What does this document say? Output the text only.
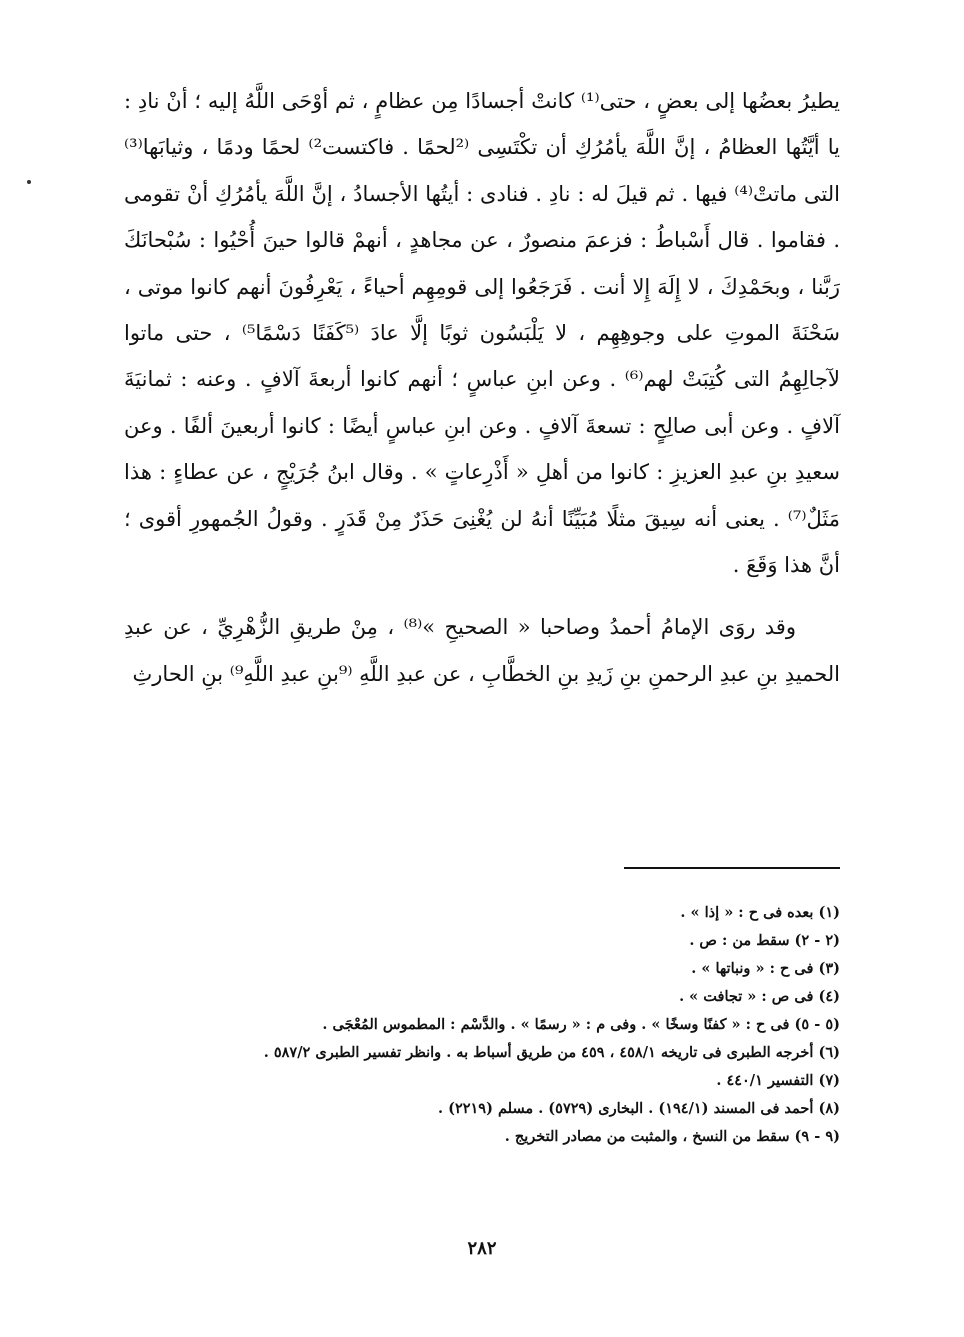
يطيرُ بعضُها إلى بعضٍ ، حتى⁽¹⁾ كانتْ أجسادًا مِن عظامٍ ، ثم أوْحَى اللَّهُ إليه ؛ أنْ نادِ : يا أيَّتُها العظامُ ، إنَّ اللَّهَ يأمُرُكِ أن تكْتَسِى ⁽²لحمًا . فاكتست²⁾ لحمًا ودمًا ، وثيابَها⁽³⁾ التى ماتتْ⁽⁴⁾ فيها . ثم قيلَ له : نادِ . فنادى : أيتُها الأجسادُ ، إنَّ اللَّهَ يأمُرُكِ أنْ تقومى . فقاموا . قال أَسْباطُ : فزعمَ منصورٌ ، عن مجاهدٍ ، أنهمْ قالوا حينَ أُحْيُوا : سُبْحانَكَ رَبَّنا ، وبحَمْدِكَ ، لا إِلَهَ إِلا أنت . فَرَجَعُوا إلى قومِهِم أحياءً ، يَعْرِفُونَ أنهم كانوا موتى ، سَحْنَةَ الموتِ على وجوهِهِم ، لا يَلْبَسُون ثوبًا إلَّا عادَ ⁽⁵كَفَنًا دَسْمًا⁵⁾ ، حتى ماتوا لآجالِهِمُ التى كُتِبَتْ لهم⁽⁶⁾ . وعن ابنِ عباسٍ ؛ أنهم كانوا أربعةَ آلافٍ . وعنه : ثمانيَةَ آلافٍ . وعن أبى صالِحٍ : تسعةَ آلافٍ . وعن ابنِ عباسٍ أيضًا : كانوا أربعينَ ألفًا . وعن سعيدِ بنِ عبدِ العزيزِ : كانوا من أهلِ « أَذْرِعاتٍ » . وقال ابنُ جُرَيْجٍ ، عن عطاءٍ : هذا مَثَلٌ⁽⁷⁾ . يعنى أنه سِيقَ مثلًا مُبَيِّنًا أنهُ لن يُغْنِىَ حَذَرٌ مِنْ قَدَرٍ . وقولُ الجُمهورِ أقوى ؛ أنَّ هذا وَقَعَ .

وقد روَى الإمامُ أحمدُ وصاحبا « الصحيحِ »⁽⁸⁾ ، مِنْ طريقِ الزُّهْرِيِّ ، عن عبدِ الحميدِ بنِ عبدِ الرحمنِ بنِ زَيدِ بنِ الخطَّابِ ، عن عبدِ اللَّهِ ⁽⁹بنِ عبدِ اللَّهِ⁹⁾ بنِ الحارثِ

(١) بعده فى ح : « إذا » .
(٢ - ٢) سقط من : ص .
(٣) فى ح : « ونباتها » .
(٤) فى ص : « تجافت » .
(٥ - ٥) فى ح : « كفنًا وسخًا » . وفى م : « رسمًا » . والدَّسْم : المطموس المُعْجَى .
(٦) أخرجه الطبرى فى تاريخه ٤٥٨/١ ، ٤٥٩ من طريق أسباط به . وانظر تفسير الطبرى ٥٨٧/٢ .
(٧) التفسير ٤٤٠/١ .
(٨) أحمد فى المسند (١٩٤/١) . البخارى (٥٧٢٩) . مسلم (٢٢١٩) .
(٩ - ٩) سقط من النسخ ، والمثبت من مصادر التخريج .
٢٨٢
